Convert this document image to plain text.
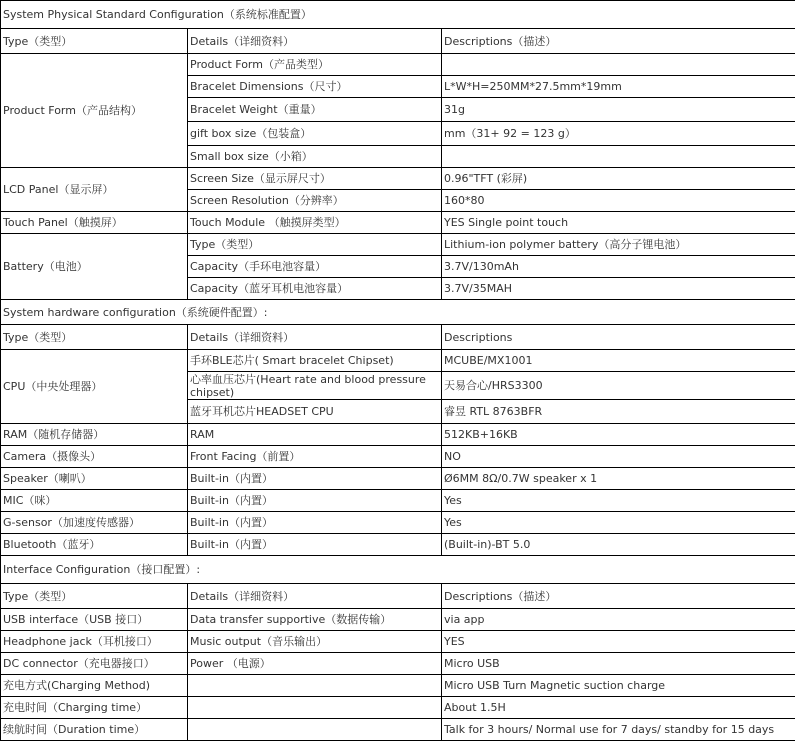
System Physical Standard Configuration（系统标准配置）		
Type（类型）	Details（详细资料）	Descriptions（描述）
Product Form（产品结构）	Product Form（产品类型）	
	Bracelet Dimensions（尺寸）	L*W*H=250MM*27.5mm*19mm
	Bracelet Weight（重量）	31g
	gift box size（包装盒）	mm（31+ 92 = 123 g）
	Small box size（小箱）	
LCD Panel（显示屏）	Screen Size（显示屏尺寸）	0.96"TFT (彩屏)
	Screen Resolution（分辨率）	160*80
Touch Panel（触摸屏）	Touch Module （触摸屏类型）	YES Single point touch
Battery（电池）	Type（类型）	Lithium-ion polymer battery（高分子锂电池）
	Capacity（手环电池容量）	3.7V/130mAh
	Capacity（蓝牙耳机电池容量）	3.7V/35MAH
System hardware configuration（系统硬件配置）:		
Type（类型）	Details（详细资料）	Descriptions
CPU（中央处理器）	手环BLE芯片( Smart bracelet Chipset)	MCUBE/MX1001
	心率血压芯片(Heart rate and blood pressure chipset)	天易合心/HRS3300
	蓝牙耳机芯片HEADSET CPU	睿昱 RTL 8763BFR
RAM（随机存储器）	RAM	512KB+16KB
Camera（摄像头）	Front Facing（前置）	NO
Speaker（喇叭）	Built-in（内置）	Ø6MM 8Ω/0.7W speaker x 1
MIC（咪）	Built-in（内置）	Yes
G-sensor（加速度传感器）	Built-in（内置）	Yes
Bluetooth（蓝牙）	Built-in（内置）	(Built-in)-BT 5.0
Interface Configuration（接口配置）:		
Type（类型）	Details（详细资料）	Descriptions（描述）
USB interface（USB 接口）	Data transfer supportive（数据传输）	via app
Headphone jack（耳机接口）	Music output（音乐输出）	YES
DC connector（充电器接口）	Power （电源）	Micro USB
充电方式(Charging Method)		Micro USB Turn Magnetic suction charge
充电时间（Charging time）		About 1.5H
续航时间（Duration time）		Talk for 3 hours/ Normal use for 7 days/ standby for 15 days
